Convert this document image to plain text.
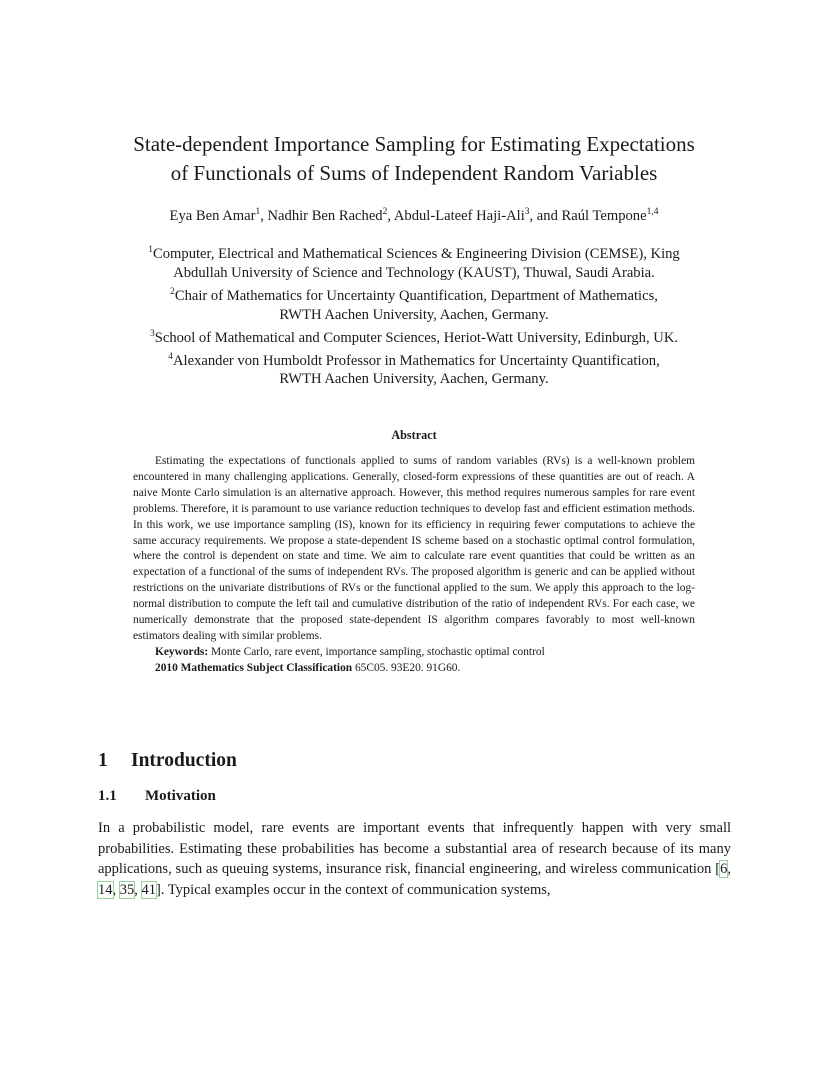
State-dependent Importance Sampling for Estimating Expectations
of Functionals of Sums of Independent Random Variables
Eya Ben Amar$^1$, Nadhir Ben Rached$^2$, Abdul-Lateef Haji-Ali$^3$, and Raúl Tempone$^{1,4}$
$^1$Computer, Electrical and Mathematical Sciences & Engineering Division (CEMSE), King
Abdullah University of Science and Technology (KAUST), Thuwal, Saudi Arabia.
$^2$Chair of Mathematics for Uncertainty Quantification, Department of Mathematics,
RWTH Aachen University, Aachen, Germany.
$^3$School of Mathematical and Computer Sciences, Heriot-Watt University, Edinburgh, UK.
$^4$Alexander von Humboldt Professor in Mathematics for Uncertainty Quantification,
RWTH Aachen University, Aachen, Germany.
Abstract

Estimating the expectations of functionals applied to sums of random variables (RVs) is a well-known problem encountered in many challenging applications. Generally, closed-form expressions of these quantities are out of reach. A naive Monte Carlo simulation is an alternative approach. However, this method requires numerous samples for rare event problems. Therefore, it is paramount to use variance reduction techniques to develop fast and efficient estimation methods. In this work, we use importance sampling (IS), known for its efficiency in requiring fewer computations to achieve the same accuracy requirements. We propose a state-dependent IS scheme based on a stochastic optimal control formulation, where the control is dependent on state and time. We aim to calculate rare event quantities that could be written as an expectation of a functional of the sums of independent RVs. The proposed algorithm is generic and can be applied without restrictions on the univariate distributions of RVs or the functional applied to the sum. We apply this approach to the log-normal distribution to compute the left tail and cumulative distribution of the ratio of independent RVs. For each case, we numerically demonstrate that the proposed state-dependent IS algorithm compares favorably to most well-known estimators dealing with similar problems.

Keywords: Monte Carlo, rare event, importance sampling, stochastic optimal control

2010 Mathematics Subject Classification 65C05. 93E20. 91G60.

1 Introduction
1.1 Motivation

In a probabilistic model, rare events are important events that infrequently happen with very small probabilities. Estimating these probabilities has become a substantial area of research because of its many applications, such as queuing systems, insurance risk, financial engineering, and wireless communication [6, 14, 35, 41]. Typical examples occur in the context of communication systems,
